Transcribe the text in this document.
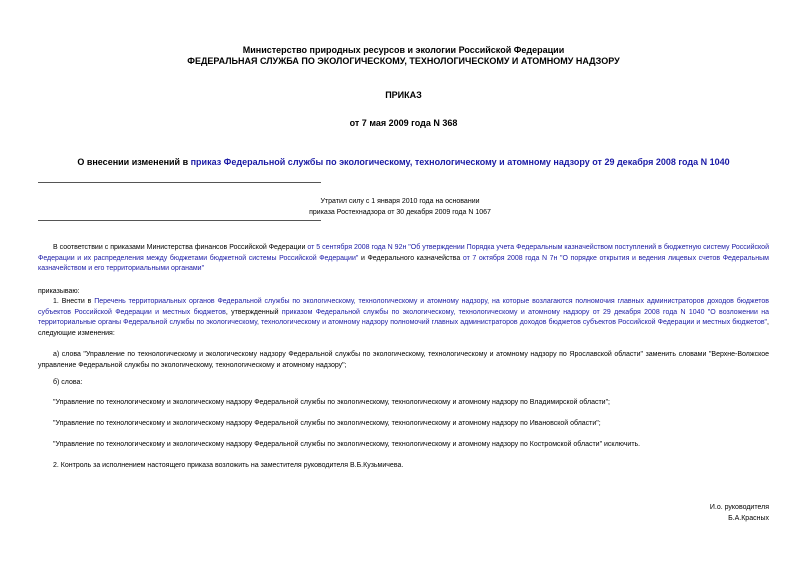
Министерство природных ресурсов и экологии Российской Федерации
ФЕДЕРАЛЬНАЯ СЛУЖБА ПО ЭКОЛОГИЧЕСКОМУ, ТЕХНОЛОГИЧЕСКОМУ И АТОМНОМУ НАДЗОРУ
ПРИКАЗ
от 7 мая 2009 года N 368
О внесении изменений в приказ Федеральной службы по экологическому, технологическому и атомному надзору от 29 декабря 2008 года N 1040
Утратил силу с 1 января 2010 года на основании
приказа Ростехнадзора от 30 декабря 2009 года N 1067
В соответствии с приказами Министерства финансов Российской Федерации от 5 сентября 2008 года N 92н "Об утверждении Порядка учета Федеральным казначейством поступлений в бюджетную систему Российской Федерации и их распределения между бюджетами бюджетной системы Российской Федерации" и Федерального казначейства от 7 октября 2008 года N 7н "О порядке открытия и ведения лицевых счетов Федеральным казначейством и его территориальными органами"
приказываю:
1. Внести в Перечень территориальных органов Федеральной службы по экологическому, технологическому и атомному надзору, на которые возлагаются полномочия главных администраторов доходов бюджетов субъектов Российской Федерации и местных бюджетов, утвержденный приказом Федеральной службы по экологическому, технологическому и атомному надзору от 29 декабря 2008 года N 1040 "О возложении на территориальные органы Федеральной службы по экологическому, технологическому и атомному надзору полномочий главных администраторов доходов бюджетов субъектов Российской Федерации и местных бюджетов", следующие изменения:
а) слова "Управление по технологическому и экологическому надзору Федеральной службы по экологическому, технологическому и атомному надзору по Ярославской области" заменить словами "Верхне-Волжское управление Федеральной службы по экологическому, технологическому и атомному надзору";
б) слова:
"Управление по технологическому и экологическому надзору Федеральной службы по экологическому, технологическому и атомному надзору по Владимирской области";
"Управление по технологическому и экологическому надзору Федеральной службы по экологическому, технологическому и атомному надзору по Ивановской области";
"Управление по технологическому и экологическому надзору Федеральной службы по экологическому, технологическому и атомному надзору по Костромской области" исключить.
2. Контроль за исполнением настоящего приказа возложить на заместителя руководителя В.Б.Кузьмичева.
И.о. руководителя
Б.А.Красных
